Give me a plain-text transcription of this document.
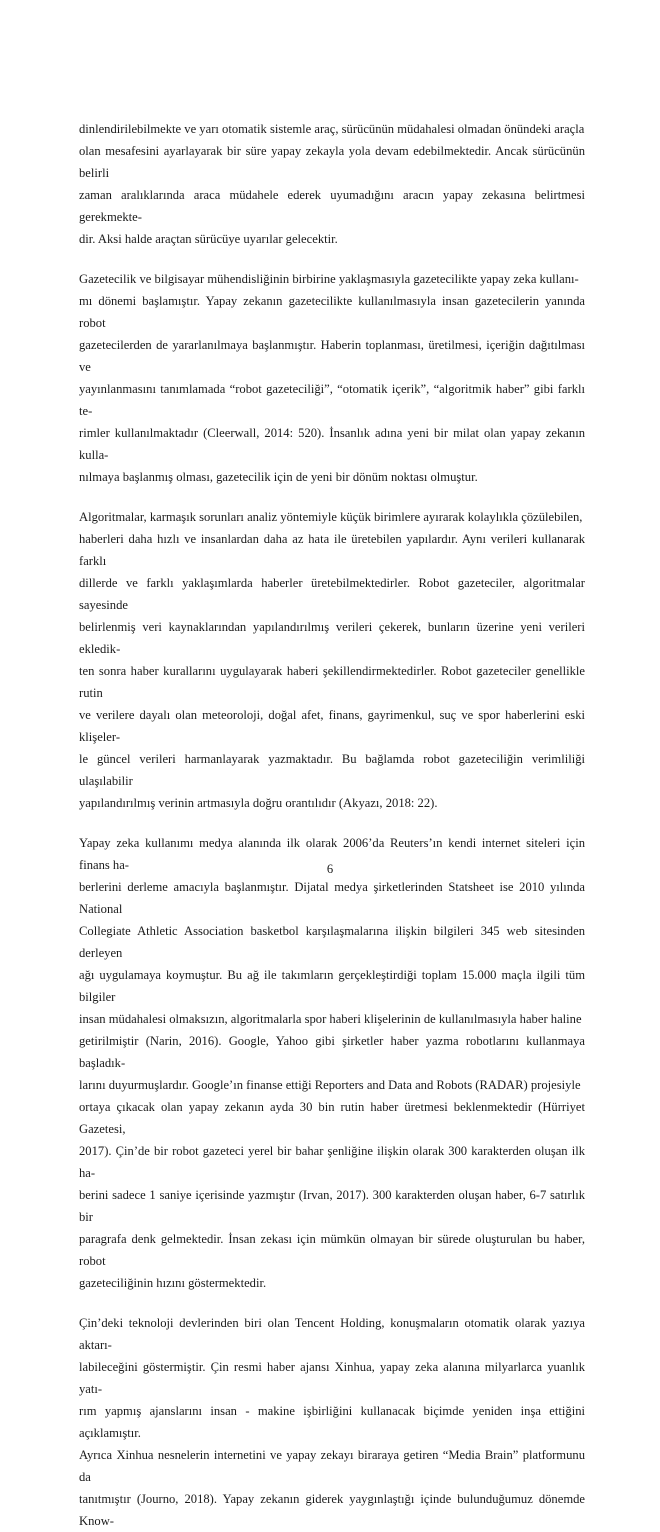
dinlendirilebilmekte ve yarı otomatik sistemle araç, sürücünün müdahalesi olmadan önündeki araçla
olan mesafesini ayarlayarak bir süre yapay zekayla yola devam edebilmektedir. Ancak sürücünün belirli
zaman aralıklarında araca müdahele ederek uyumadığını aracın yapay zekasına belirtmesi gerekmekte-
dir. Aksi halde araçtan sürücüye uyarılar gelecektir.

Gazetecilik ve bilgisayar mühendisliğinin birbirine yaklaşmasıyla gazetecilikte yapay zeka kullanı-
mı dönemi başlamıştır. Yapay zekanın gazetecilikte kullanılmasıyla insan gazetecilerin yanında robot
gazetecilerden de yararlanılmaya başlanmıştır. Haberin toplanması, üretilmesi, içeriğin dağıtılması ve
yayınlanmasını tanımlamada “robot gazeteciliği”, “otomatik içerik”, “algoritmik haber” gibi farklı te-
rimler kullanılmaktadır (Cleerwall, 2014: 520). İnsanlık adına yeni bir milat olan yapay zekanın kulla-
nılmaya başlanmış olması, gazetecilik için de yeni bir dönüm noktası olmuştur.

Algoritmalar, karmaşık sorunları analiz yöntemiyle küçük birimlere ayırarak kolaylıkla çözülebilen,
haberleri daha hızlı ve insanlardan daha az hata ile üretebilen yapılardır. Aynı verileri kullanarak farklı
dillerde ve farklı yaklaşımlarda haberler üretebilmektedirler. Robot gazeteciler, algoritmalar sayesinde
belirlenmiş veri kaynaklarından yapılandırılmış verileri çekerek, bunların üzerine yeni verileri ekledik-
ten sonra haber kurallarını uygulayarak haberi şekillendirmektedirler. Robot gazeteciler genellikle rutin
ve verilere dayalı olan meteoroloji, doğal afet, finans, gayrimenkul, suç ve spor haberlerini eski klişeler-
le güncel verileri harmanlayarak yazmaktadır. Bu bağlamda robot gazeteciliğin verimliliği ulaşılabilir
yapılandırılmış verinin artmasıyla doğru orantılıdır (Akyazı, 2018: 22).

Yapay zeka kullanımı medya alanında ilk olarak 2006’da Reuters’ın kendi internet siteleri için finans ha-
berlerini derleme amacıyla başlanmıştır. Dijatal medya şirketlerinden Statsheet ise 2010 yılında National
Collegiate Athletic Association basketbol karşılaşmalarına ilişkin bilgileri 345 web sitesinden derleyen
ağı uygulamaya koymuştur. Bu ağ ile takımların gerçekleştirdiği toplam 15.000 maçla ilgili tüm bilgiler
insan müdahalesi olmaksızın, algoritmalarla spor haberi klişelerinin de kullanılmasıyla haber haline
getirilmiştir (Narin, 2016). Google, Yahoo gibi şirketler haber yazma robotlarını kullanmaya başladık-
larını duyurmuşlardır. Google’ın finanse ettiği Reporters and Data and Robots (RADAR) projesiyle
ortaya çıkacak olan yapay zekanın ayda 30 bin rutin haber üretmesi beklenmektedir (Hürriyet Gazetesi,
2017). Çin’de bir robot gazeteci yerel bir bahar şenliğine ilişkin olarak 300 karakterden oluşan ilk ha-
berini sadece 1 saniye içerisinde yazmıştır (Irvan, 2017). 300 karakterden oluşan haber, 6-7 satırlık bir
paragrafa denk gelmektedir. İnsan zekası için mümkün olmayan bir sürede oluşturulan bu haber, robot
gazeteciliğinin hızını göstermektedir.

Çin’deki teknoloji devlerinden biri olan Tencent Holding, konuşmaların otomatik olarak yazıya aktarı-
labileceğini göstermiştir. Çin resmi haber ajansı Xinhua, yapay zeka alanına milyarlarca yuanlık yatı-
rım yapmış ajanslarını insan - makine işbirliğini kullanacak biçimde yeniden inşa ettiğini açıklamıştır.
Ayrıca Xinhua nesnelerin internetini ve yapay zekayı biraraya getiren “Media Brain” platformunu da
tanıtmıştır (Journo, 2018). Yapay zekanın giderek yaygınlaştığı içinde bulunduğumuz dönemde Know-

6
